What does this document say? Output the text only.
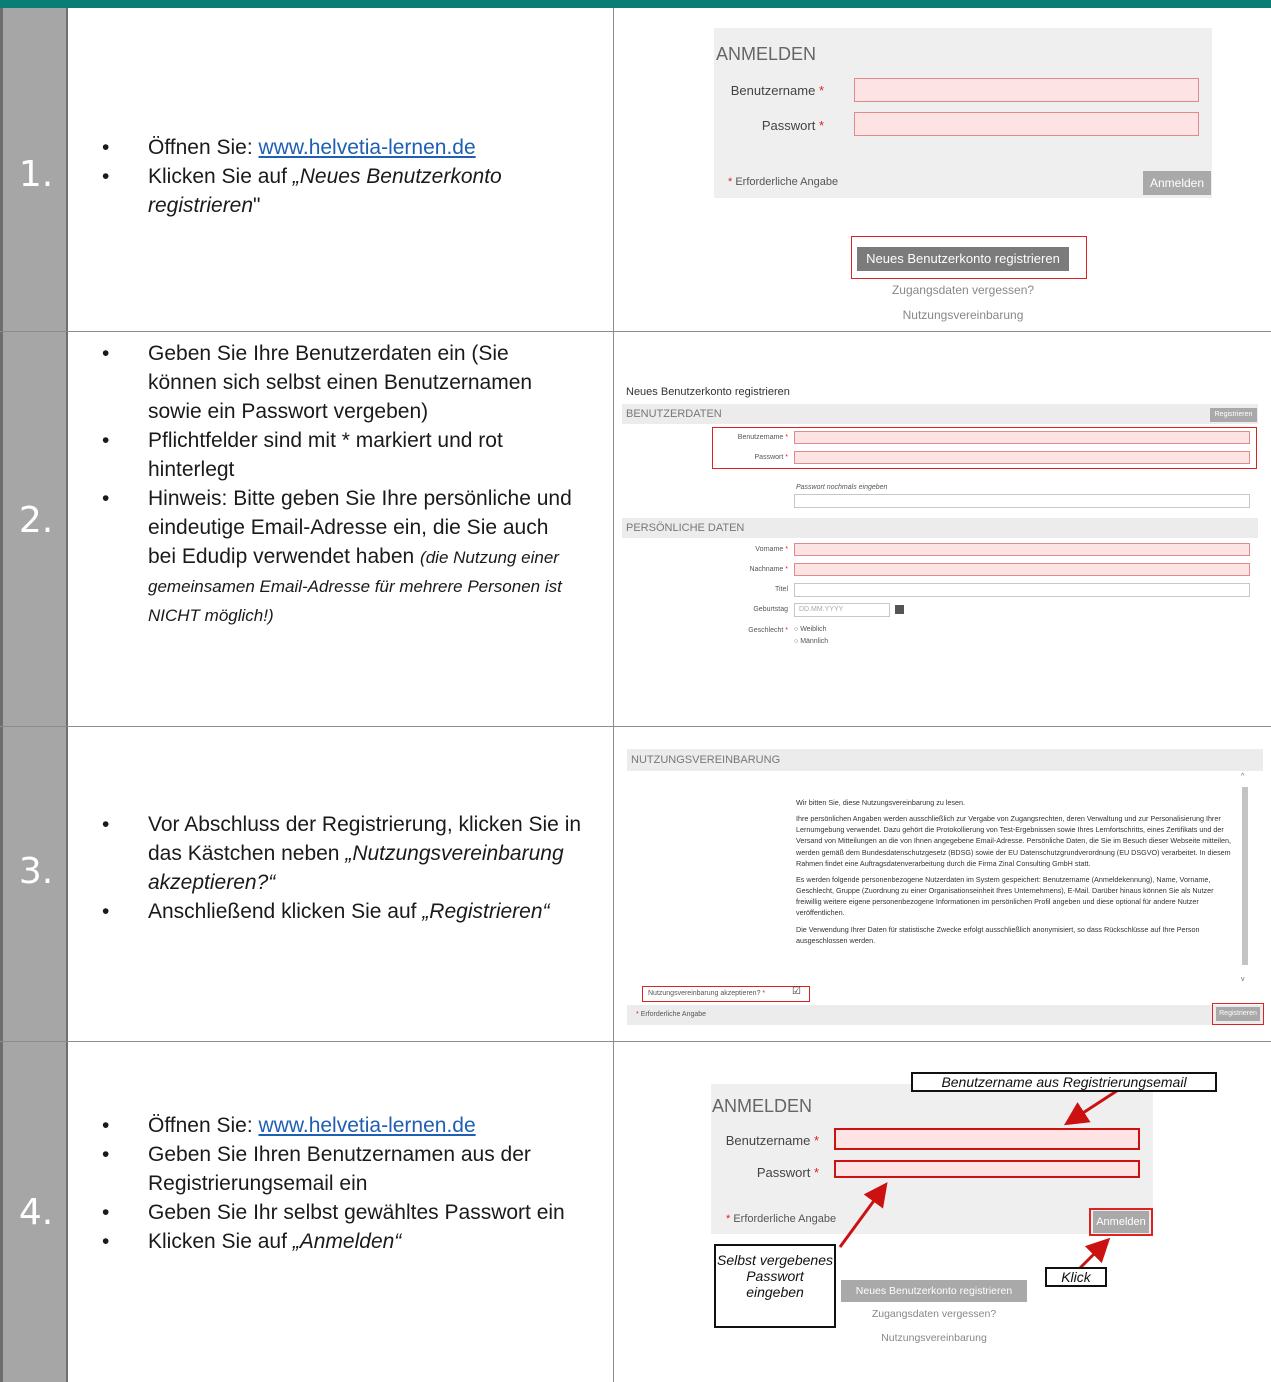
1.
• Öffnen Sie: www.helvetia-lernen.de
• Klicken Sie auf „Neues Benutzerkonto registrieren"
ANMELDEN
Benutzername *
Passwort *
* Erforderliche Angabe	Anmelden
Neues Benutzerkonto registrieren
Zugangsdaten vergessen?
Nutzungsvereinbarung
2.
• Geben Sie Ihre Benutzerdaten ein (Sie können sich selbst einen Benutzernamen sowie ein Passwort vergeben)
• Pflichtfelder sind mit * markiert und rot hinterlegt
• Hinweis: Bitte geben Sie Ihre persönliche und eindeutige Email-Adresse ein, die Sie auch bei Edudip verwendet haben (die Nutzung einer gemeinsamen Email-Adresse für mehrere Personen ist NICHT möglich!)
Neues Benutzerkonto registrieren
BENUTZERDATEN	Registrieren
Benutzername *
Passwort *
Passwort nochmals eingeben
PERSÖNLICHE DATEN
Vorname *
Nachname *
Titel
Geburtstag DD.MM.YYYY
Geschlecht * ○ Weiblich
○ Männlich
3.
• Vor Abschluss der Registrierung, klicken Sie in das Kästchen neben „Nutzungsvereinbarung akzeptieren?“
• Anschließend klicken Sie auf „Registrieren“
NUTZUNGSVEREINBARUNG
Wir bitten Sie, diese Nutzungsvereinbarung zu lesen.
Ihre persönlichen Angaben werden ausschließlich zur Vergabe von Zugangsrechten, deren Verwaltung und zur Personalisierung Ihrer Lernumgebung verwendet. Dazu gehört die Protokollierung von Test-Ergebnissen sowie Ihres Lernfortschritts, eines Zertifikats und der Versand von Mitteilungen an die von Ihnen angegebene Email-Adresse. Persönliche Daten, die Sie im Besuch dieser Webseite mitteilen, werden gemäß dem Bundesdatenschutzgesetz (BDSG) sowie der EU Datenschutzgrundverordnung (EU DSGVO) verarbeitet. In diesem Rahmen findet eine Auftragsdatenverarbeitung durch die Firma Zinal Consulting GmbH statt.
Es werden folgende personenbezogene Nutzerdaten im System gespeichert: Benutzername (Anmeldekennung), Name, Vorname, Geschlecht, Gruppe (Zuordnung zu einer Organisationseinheit Ihres Unternehmens), E-Mail. Darüber hinaus können Sie als Nutzer freiwillig weitere eigene personenbezogene Informationen im persönlichen Profil angeben und diese optional für andere Nutzer veröffentlichen.
Die Verwendung Ihrer Daten für statistische Zwecke erfolgt ausschließlich anonymisiert, so dass Rückschlüsse auf Ihre Person ausgeschlossen werden.
^
v
Nutzungsvereinbarung akzeptieren? *	☑
* Erforderliche Angabe	Registrieren
4.
• Öffnen Sie: www.helvetia-lernen.de
• Geben Sie Ihren Benutzernamen aus der Registrierungsemail ein
• Geben Sie Ihr selbst gewähltes Passwort ein
• Klicken Sie auf „Anmelden“
ANMELDEN
Benutzername *
Passwort *
* Erforderliche Angabe	Anmelden
Neues Benutzerkonto registrieren
Zugangsdaten vergessen?
Nutzungsvereinbarung
Benutzername aus Registrierungsemail
Selbst vergebenes Passwort eingeben
Klick
